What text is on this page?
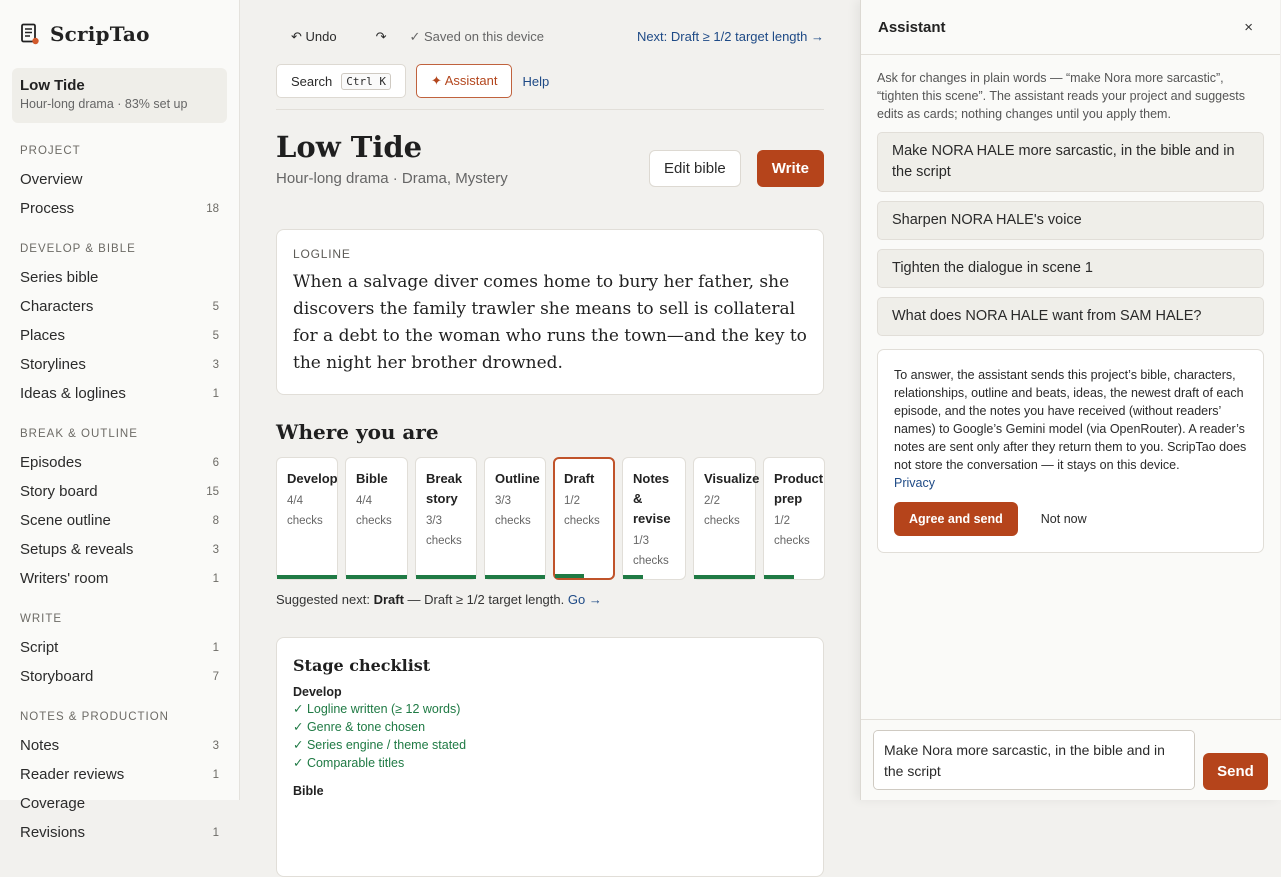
ScripTao
Low Tide
Hour-long drama · 83% set up
PROJECT
Overview
Process	18
DEVELOP & BIBLE
Series bible
Characters	5
Places	5
Storylines	3
Ideas & loglines	1
BREAK & OUTLINE
Episodes	6
Story board	15
Scene outline	8
Setups & reveals	3
Writers' room	1
WRITE
Script	1
Storyboard	7
NOTES & PRODUCTION
Notes	3
Reader reviews	1
Coverage
Revisions	1
↶ Undo	↷ ✓ Saved on this device	Next: Draft ≥ 1/2 target length →
Search	Ctrl K	✦ Assistant	Help
Low Tide
Hour-long drama · Drama, Mystery
Edit bible	Write
LOGLINE
When a salvage diver comes home to bury her father, she discovers the family trawler she means to sell is collateral for a debt to the woman who runs the town—and the key to the night her brother drowned.
Where you are
Develop
4/4
checks
Bible
4/4
checks
Break
story
3/3
checks
Outline
3/3
checks
Draft
1/2
checks
Notes
&
revise
1/3
checks
Visualize
2/2
checks
Product
prep
1/2
checks
Suggested next: Draft — Draft ≥ 1/2 target length. Go →
Stage checklist
Develop
✓ Logline written (≥ 12 words)
✓ Genre & tone chosen
✓ Series engine / theme stated
✓ Comparable titles
Bible
Assistant	×
Ask for changes in plain words — “make Nora more sarcastic”, “tighten this scene”. The assistant reads your project and suggests edits as cards; nothing changes until you apply them.
Make NORA HALE more sarcastic, in the bible and in the script
Sharpen NORA HALE's voice
Tighten the dialogue in scene 1
What does NORA HALE want from SAM HALE?
To answer, the assistant sends this project’s bible, characters, relationships, outline and beats, ideas, the newest draft of each episode, and the notes you have received (without readers’ names) to Google’s Gemini model (via OpenRouter). A reader’s notes are sent only after they return them to you. ScripTao does not store the conversation — it stays on this device.
Privacy
Agree and send	Not now
Make Nora more sarcastic, in the bible and in the script
Send
